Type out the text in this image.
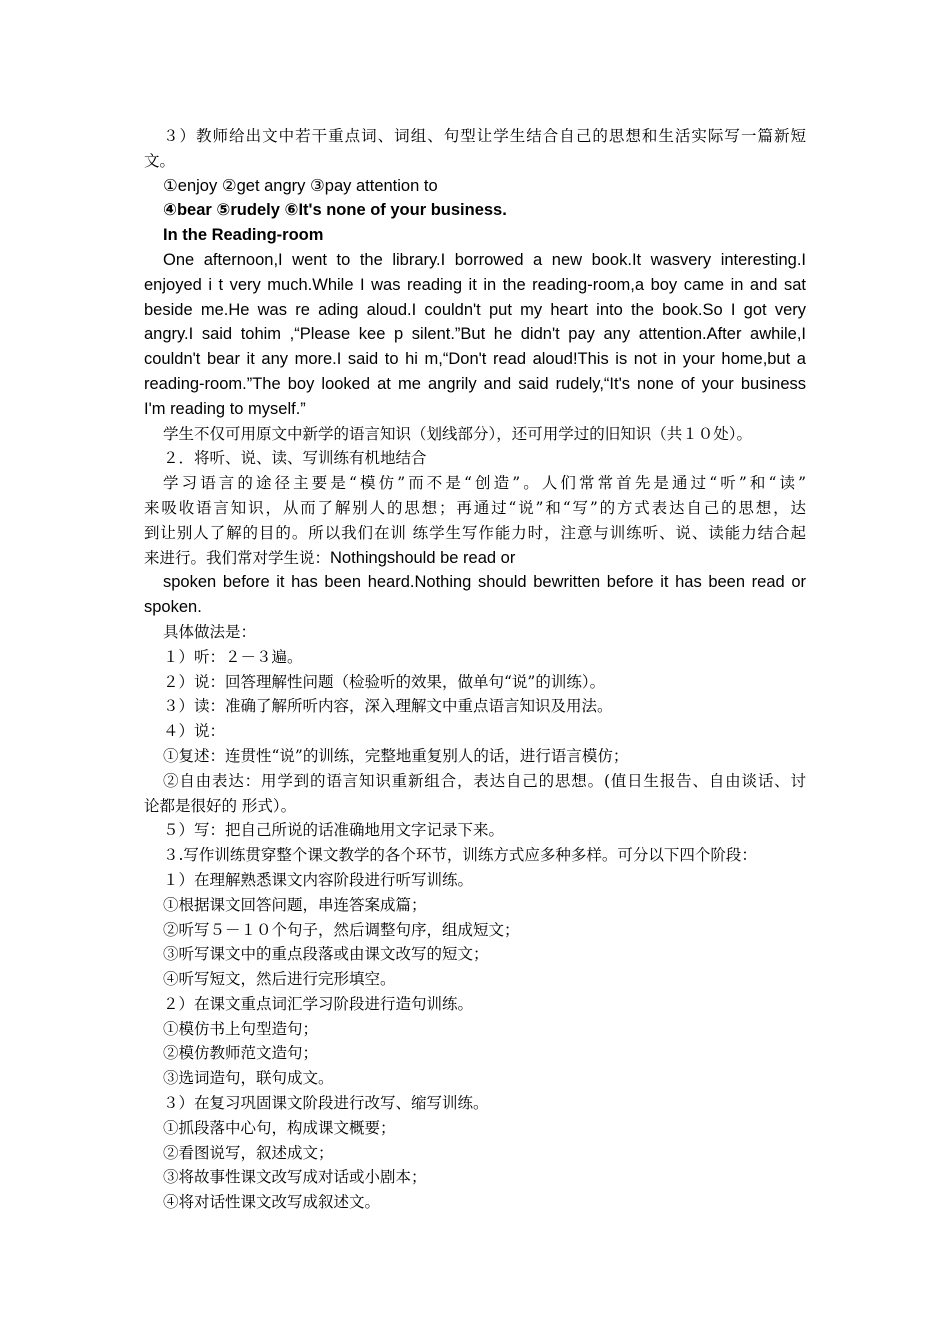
３）教师给出文中若干重点词、词组、句型让学生结合自己的思想和生活实际写一篇新短
文。
①enjoy ②get angry ③pay attention to
④bear ⑤rudely ⑥It's none of your business.
In the Reading-room
One afternoon,I went to the library.I borrowed a new book.It wasvery interesting.I
enjoyed i t very much.While I was reading it in the reading-room,a boy came in and sat
beside me.He was re ading aloud.I couldn't put my heart into the book.So I got very
angry.I said tohim ,“Please kee p silent.”But he didn't pay any attention.After awhile,I
couldn't bear it any more.I said to hi m,“Don't read aloud!This is not in your home,but a
reading-room.”The boy looked at me angrily and said rudely,“It's none of your business
I'm reading to myself.”
学生不仅可用原文中新学的语言知识（划线部分），还可用学过的旧知识（共１０处）。
２．将听、说、读、写训练有机地结合
学习语言的途径主要是“模仿”而不是“创造”。人们常常首先是通过“听”和“读”
来吸收语言知识，从而了解别人的思想；再通过“说”和“写”的方式表达自己的思想，达
到让别人了解的目的。所以我们在训 练学生写作能力时，注意与训练听、说、读能力结合起
来进行。我们常对学生说：Nothingshould be read or
spoken before it has been heard.Nothing should bewritten before it has been read or
spoken.
具体做法是：
１）听：２－３遍。
２）说：回答理解性问题（检验听的效果，做单句“说”的训练）。
３）读：准确了解所听内容，深入理解文中重点语言知识及用法。
４）说：
①复述：连贯性“说”的训练，完整地重复别人的话，进行语言模仿；
②自由表达：用学到的语言知识重新组合，表达自己的思想。(值日生报告、自由谈话、讨
论都是很好的 形式）。
５）写：把自己所说的话准确地用文字记录下来。
３.写作训练贯穿整个课文教学的各个环节，训练方式应多种多样。可分以下四个阶段：
１）在理解熟悉课文内容阶段进行听写训练。
①根据课文回答问题，串连答案成篇；
②听写５－１０个句子，然后调整句序，组成短文；
③听写课文中的重点段落或由课文改写的短文；
④听写短文，然后进行完形填空。
２）在课文重点词汇学习阶段进行造句训练。
①模仿书上句型造句；
②模仿教师范文造句；
③选词造句，联句成文。
３）在复习巩固课文阶段进行改写、缩写训练。
①抓段落中心句，构成课文概要；
②看图说写，叙述成文；
③将故事性课文改写成对话或小剧本；
④将对话性课文改写成叙述文。
